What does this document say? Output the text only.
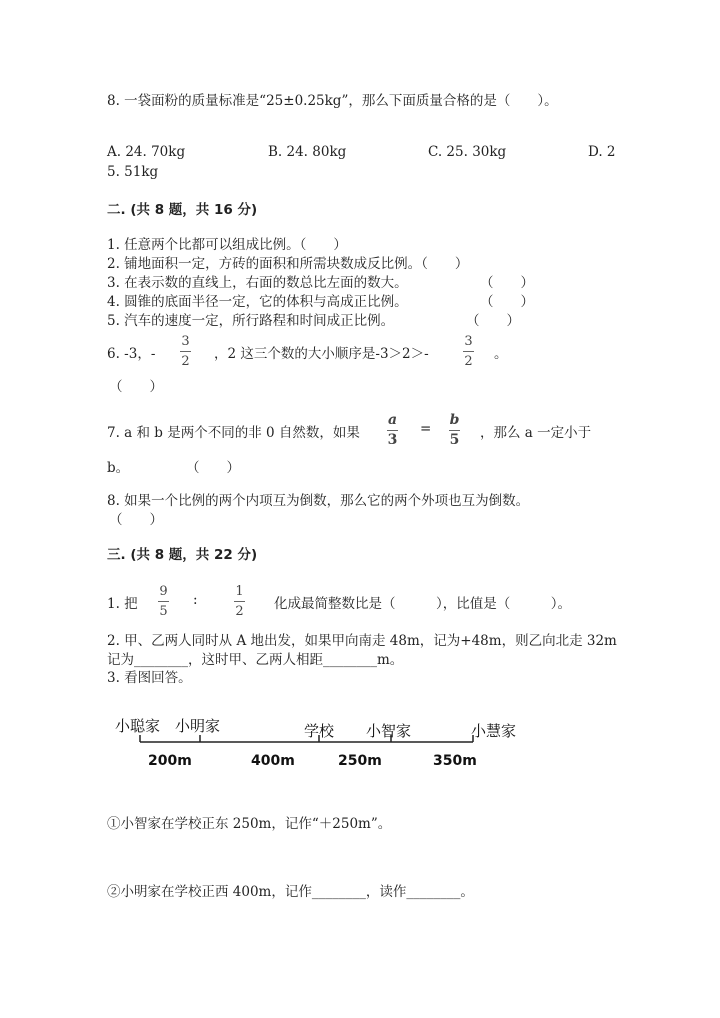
8. 一袋面粉的质量标准是“25±0.25kg”，那么下面质量合格的是（　　）。
A. 24. 70kg	B. 24. 80kg	C. 25. 30kg	D. 2
5. 51kg
二. (共 8 题，共 16 分)
1. 任意两个比都可以组成比例。（　　）
2. 铺地面积一定，方砖的面积和所需块数成反比例。（　　）
3. 在表示数的直线上，右面的数总比左面的数大。	（　　）
4. 圆锥的底面半径一定，它的体积与高成正比例。	（　　）
5. 汽车的速度一定，所行路程和时间成正比例。	（　　）
6. -3，-
3
2 ，2 这三个数的大小顺序是-3＞2＞-
3
2 。
（　　）
7. a 和 b 是两个不同的非 0 自然数，如果
a
3
=
b
5 ，那么 a 一定小于
b。	（　　）
8. 如果一个比例的两个内项互为倒数，那么它的两个外项也互为倒数。
（　　）
三. (共 8 题，共 22 分)
1. 把
9
5
:
1
2 化成最简整数比是（　　　），比值是（　　　）。
2. 甲、乙两人同时从 A 地出发，如果甲向南走 48m，记为+48m，则乙向北走 32m
记为________，这时甲、乙两人相距________m。
3. 看图回答。
小聪家 小明家	学校 小智家	小慧家
200m	400m	250m	350m
①小智家在学校正东 250m，记作“＋250m”。
②小明家在学校正西 400m，记作________，读作________。
